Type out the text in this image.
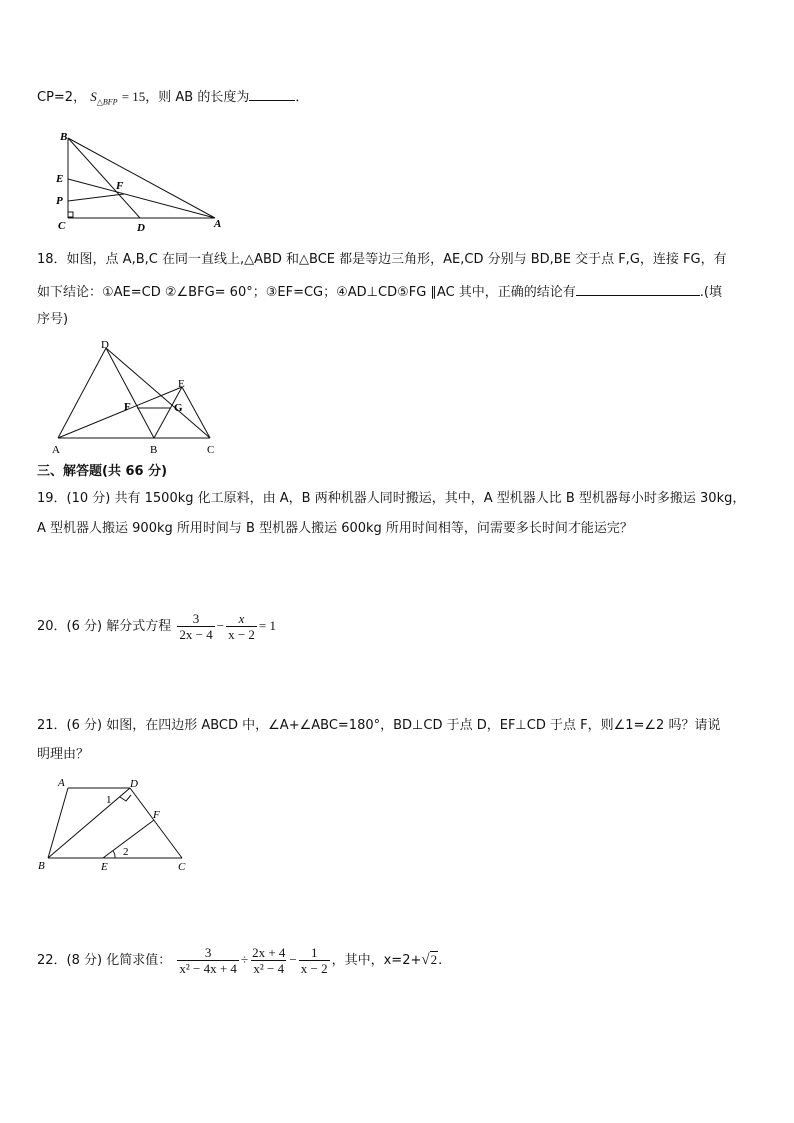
CP=2， $S_{\triangle BFP} = 15$，则 AB 的长度为	．
B
E
F
P
C	D	A
18．如图，点 A,B,C 在同一直线上,△ABD 和△BCE 都是等边三角形，AE,CD 分别与 BD,BE 交于点 F,G，连接 FG，有
如下结论：①AE=CD ②∠BFG= 60°；③EF=CG；④AD⊥CD⑤FG ∥AC 其中，正确的结论有	.(填
序号)
D
E
F	G
A	B	C
三、解答题(共 66 分)
19．(10 分) 共有 1500kg 化工原料，由 A，B 两种机器人同时搬运，其中，A 型机器人比 B 型机器每小时多搬运 30kg，
A 型机器人搬运 900kg 所用时间与 B 型机器人搬运 600kg 所用时间相等，问需要多长时间才能运完？
20．(6 分) 解分式方程 $\frac{3}{2x - 4} - \frac{x}{x - 2} = 1$
21．(6 分) 如图，在四边形 ABCD 中，∠A+∠ABC=180°，BD⊥CD 于点 D，EF⊥CD 于点 F，则∠1=∠2 吗？请说
明理由？
A	D
F
B	E	C
1
2
22．(8 分) 化简求值： $\frac{3}{\text{x² − 4x + 4}} \div \frac{2x + 4}{\text{x² − 4}} - \frac{1}{x - 2}$ ，其中，x=2+√2.
